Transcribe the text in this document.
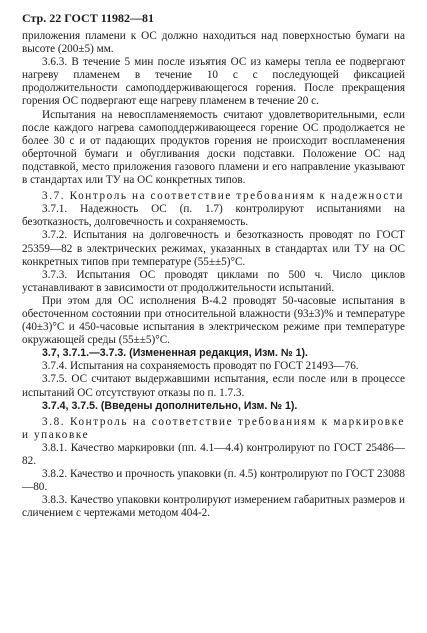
Стр. 22 ГОСТ 11982—81

приложения пламени к ОС должно находиться над поверхностью бумаги на высоте (200±5) мм.

3.6.3. В течение 5 мин после изъятия ОС из камеры тепла ее подвергают нагреву пламенем в течение 10 с с последующей фиксацией продолжительности самоподдерживающегося горения. После прекращения горения ОС подвергают еще нагреву пламенем в течение 20 с.

Испытания на невоспламеняемость считают удовлетворительными, если после каждого нагрева самоподдерживающееся горение ОС продолжается не более 30 с и от падающих продуктов горения не происходит воспламенения оберточной бумаги и обугливания доски подставки. Положение ОС над подставкой, место приложения газового пламени и его направление указывают в стандартах или ТУ на ОС конкретных типов.

3.7. Контроль на соответствие требованиям к надежности

3.7.1. Надежность ОС (п. 1.7) контролируют испытаниями на безотказность, долговечность и сохраняемость.

3.7.2. Испытания на долговечность и безотказность проводят по ГОСТ 25359—82 в электрических режимах, указанных в стандартах или ТУ на ОС конкретных типов при температуре (55±±5)°С.

3.7.3. Испытания ОС проводят циклами по 500 ч. Число циклов устанавливают в зависимости от продолжительности испытаний.

При этом для ОС исполнения В-4.2 проводят 50-часовые испытания в обесточенном состоянии при относительной влажности (93±3)% и температуре (40±3)°С и 450-часовые испытания в электрическом режиме при температуре окружающей среды (55±±5)°С.

3.7, 3.7.1.—3.7.3. (Измененная редакция, Изм. № 1).

3.7.4. Испытания на сохраняемость проводят по ГОСТ 21493—76.

3.7.5. ОС считают выдержавшими испытания, если после или в процессе испытаний ОС отсутствуют отказы по п. 1.7.3.

3.7.4, 3.7.5. (Введены дополнительно, Изм. № 1).

3.8. Контроль на соответствие требованиям к маркировке и упаковке

3.8.1. Качество маркировки (пп. 4.1—4.4) контролируют по ГОСТ 25486—82.

3.8.2. Качество и прочность упаковки (п. 4.5) контролируют по ГОСТ 23088—80.

3.8.3. Качество упаковки контролируют измерением габаритных размеров и сличением с чертежами методом 404-2.
